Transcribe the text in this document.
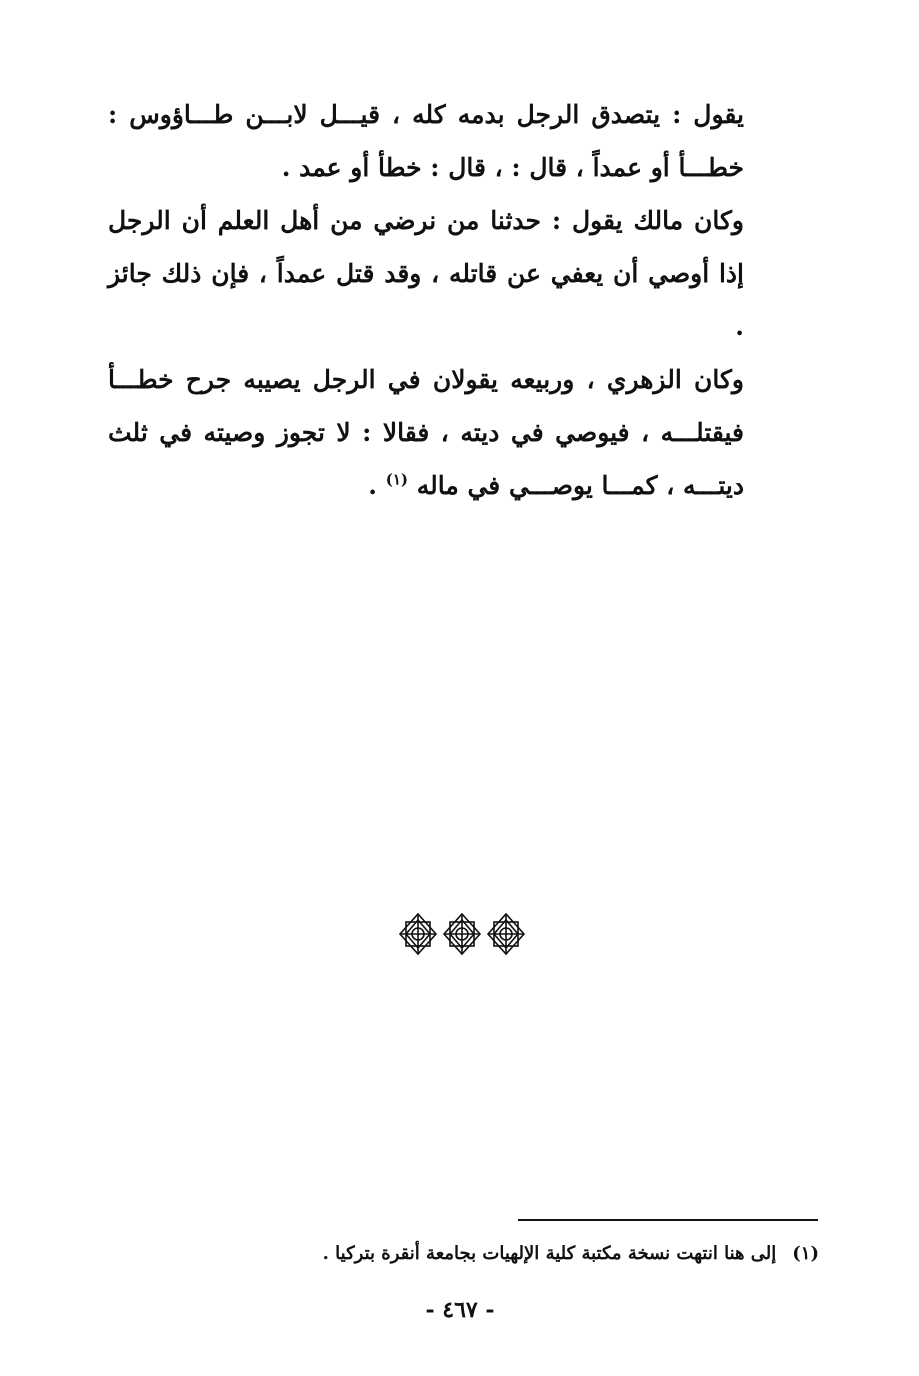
يقول : يتصدق الرجل بدمه كله ، قيـــل لابـــن طـــاؤوس : خطـــأ أو عمداً ، قال : ، قال : خطأ أو عمد .

وكان مالك يقول : حدثنا من نرضي من أهل العلم أن الرجل إذا أوصي أن يعفي عن قاتله ، وقد قتل عمداً ، فإن ذلك جائز .

وكان الزهري ، وربيعه يقولان في الرجل يصيبه جرح خطـــأ فيقتلـــه ، فيوصي في ديته ، فقالا : لا تجوز وصيته في ثلث ديتـــه ، كمـــا يوصـــي في ماله $^{(١)}$ .

(١)إلى هنا انتهت نسخة مكتبة كلية الإلهيات بجامعة أنقرة بتركيا .
- ٤٦٧ -
